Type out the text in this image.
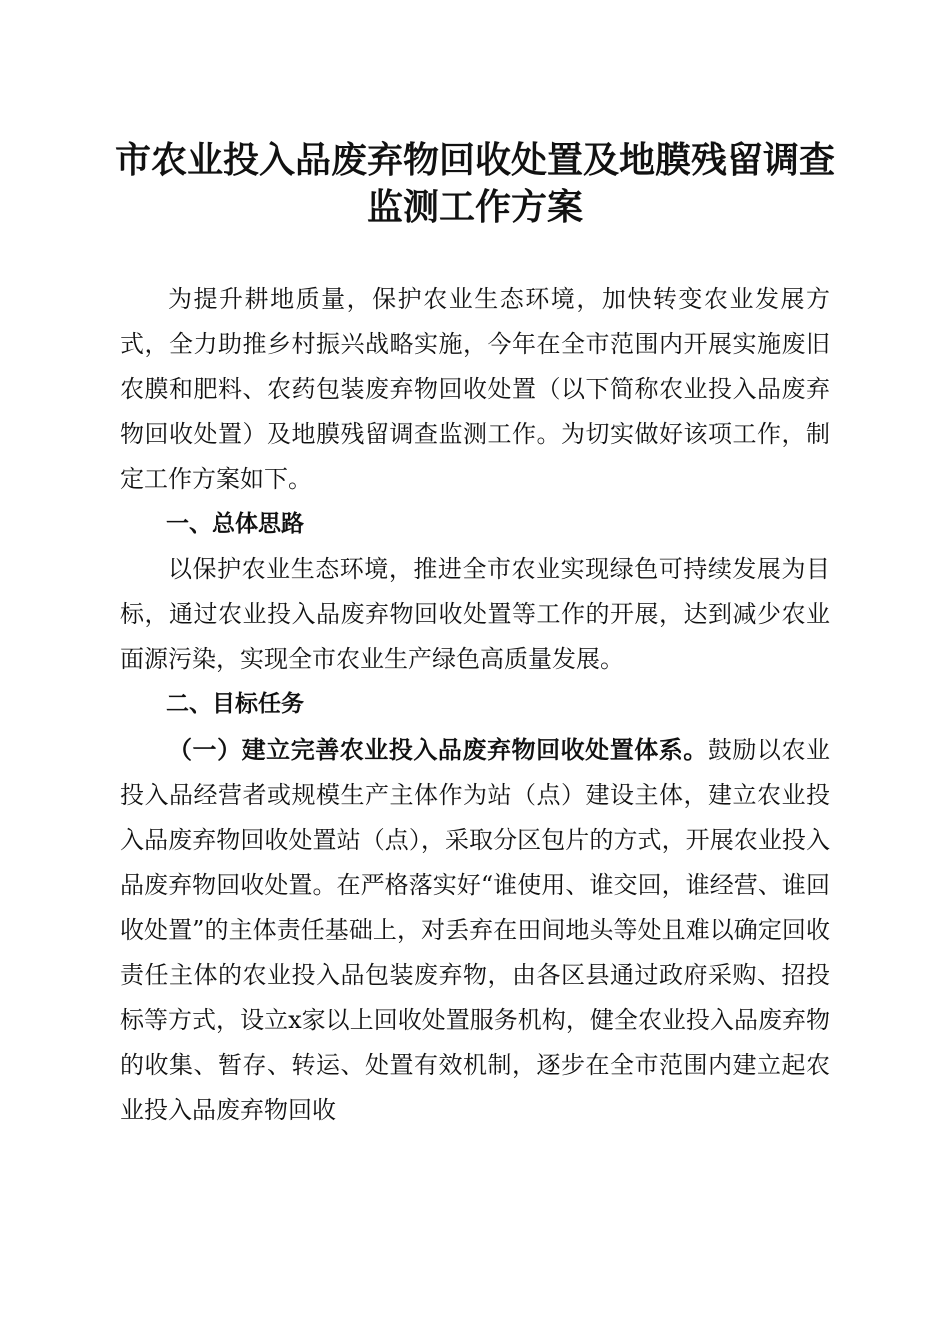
市农业投入品废弃物回收处置及地膜残留调查
监测工作方案

为提升耕地质量，保护农业生态环境，加快转变农业发展方式，全力助推乡村振兴战略实施，今年在全市范围内开展实施废旧农膜和肥料、农药包装废弃物回收处置（以下简称农业投入品废弃物回收处置）及地膜残留调查监测工作。为切实做好该项工作，制定工作方案如下。

一、总体思路

以保护农业生态环境，推进全市农业实现绿色可持续发展为目标，通过农业投入品废弃物回收处置等工作的开展，达到减少农业面源污染，实现全市农业生产绿色高质量发展。

二、目标任务

（一）建立完善农业投入品废弃物回收处置体系。鼓励以农业投入品经营者或规模生产主体作为站（点）建设主体，建立农业投入品废弃物回收处置站（点），采取分区包片的方式，开展农业投入品废弃物回收处置。在严格落实好“谁使用、谁交回，谁经营、谁回收处置”的主体责任基础上，对丢弃在田间地头等处且难以确定回收责任主体的农业投入品包装废弃物，由各区县通过政府采购、招投标等方式，设立x家以上回收处置服务机构，健全农业投入品废弃物的收集、暂存、转运、处置有效机制，逐步在全市范围内建立起农业投入品废弃物回收
